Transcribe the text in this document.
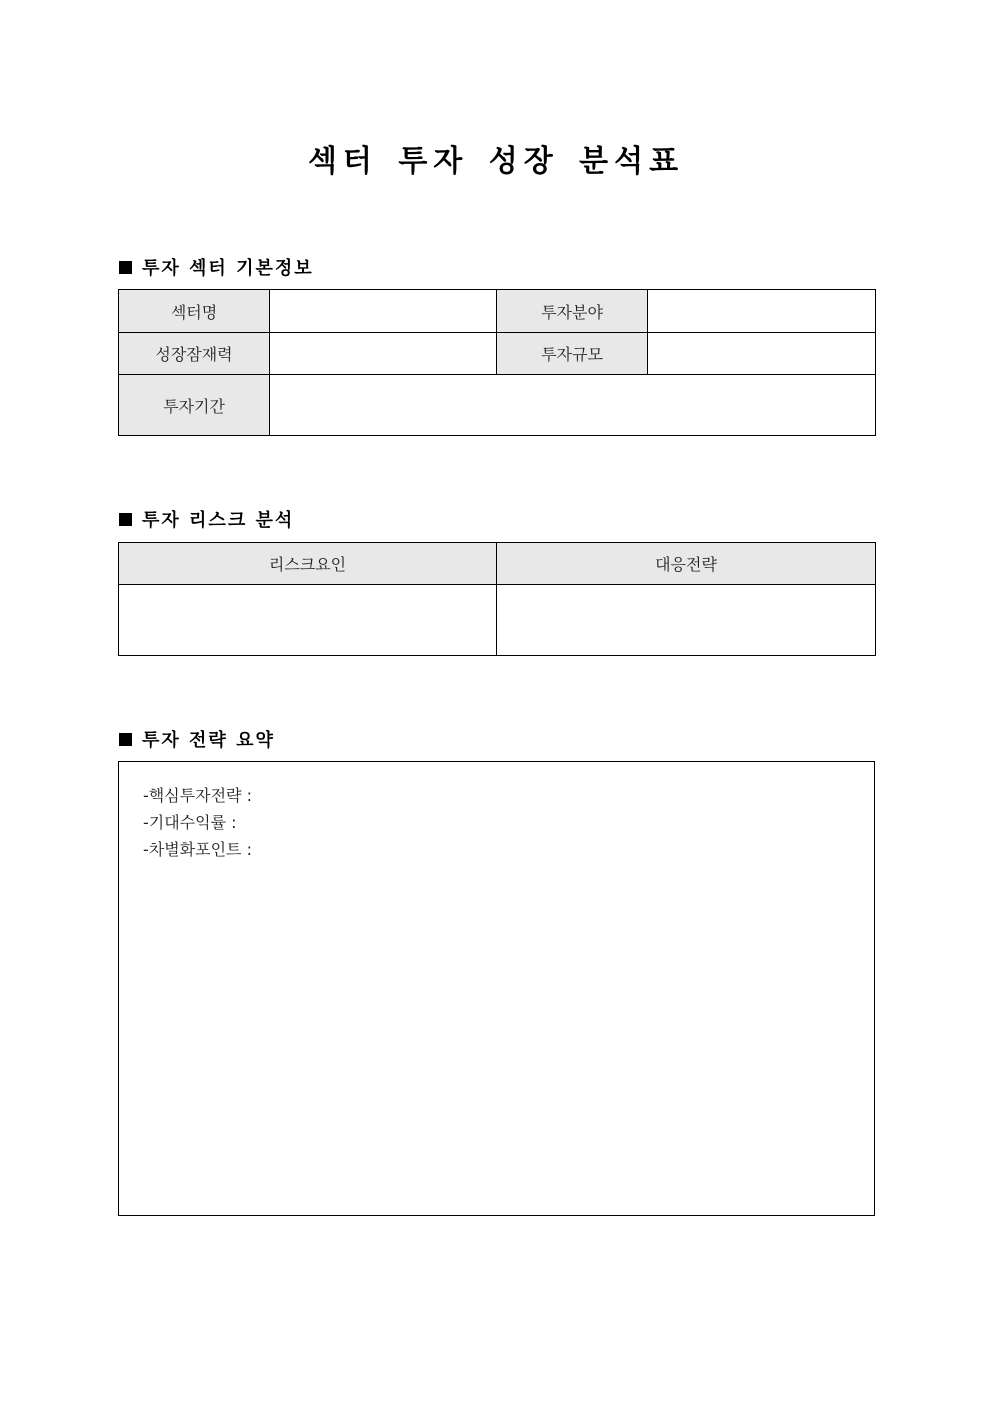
섹터 투자 성장 분석표
투자 섹터 기본정보
섹터명		투자분야	
성장잠재력		투자규모	
투자기간			
투자 리스크 분석
리스크요인	대응전략

투자 전략 요약
-핵심투자전략 :
-기대수익률 :
-차별화포인트 :
